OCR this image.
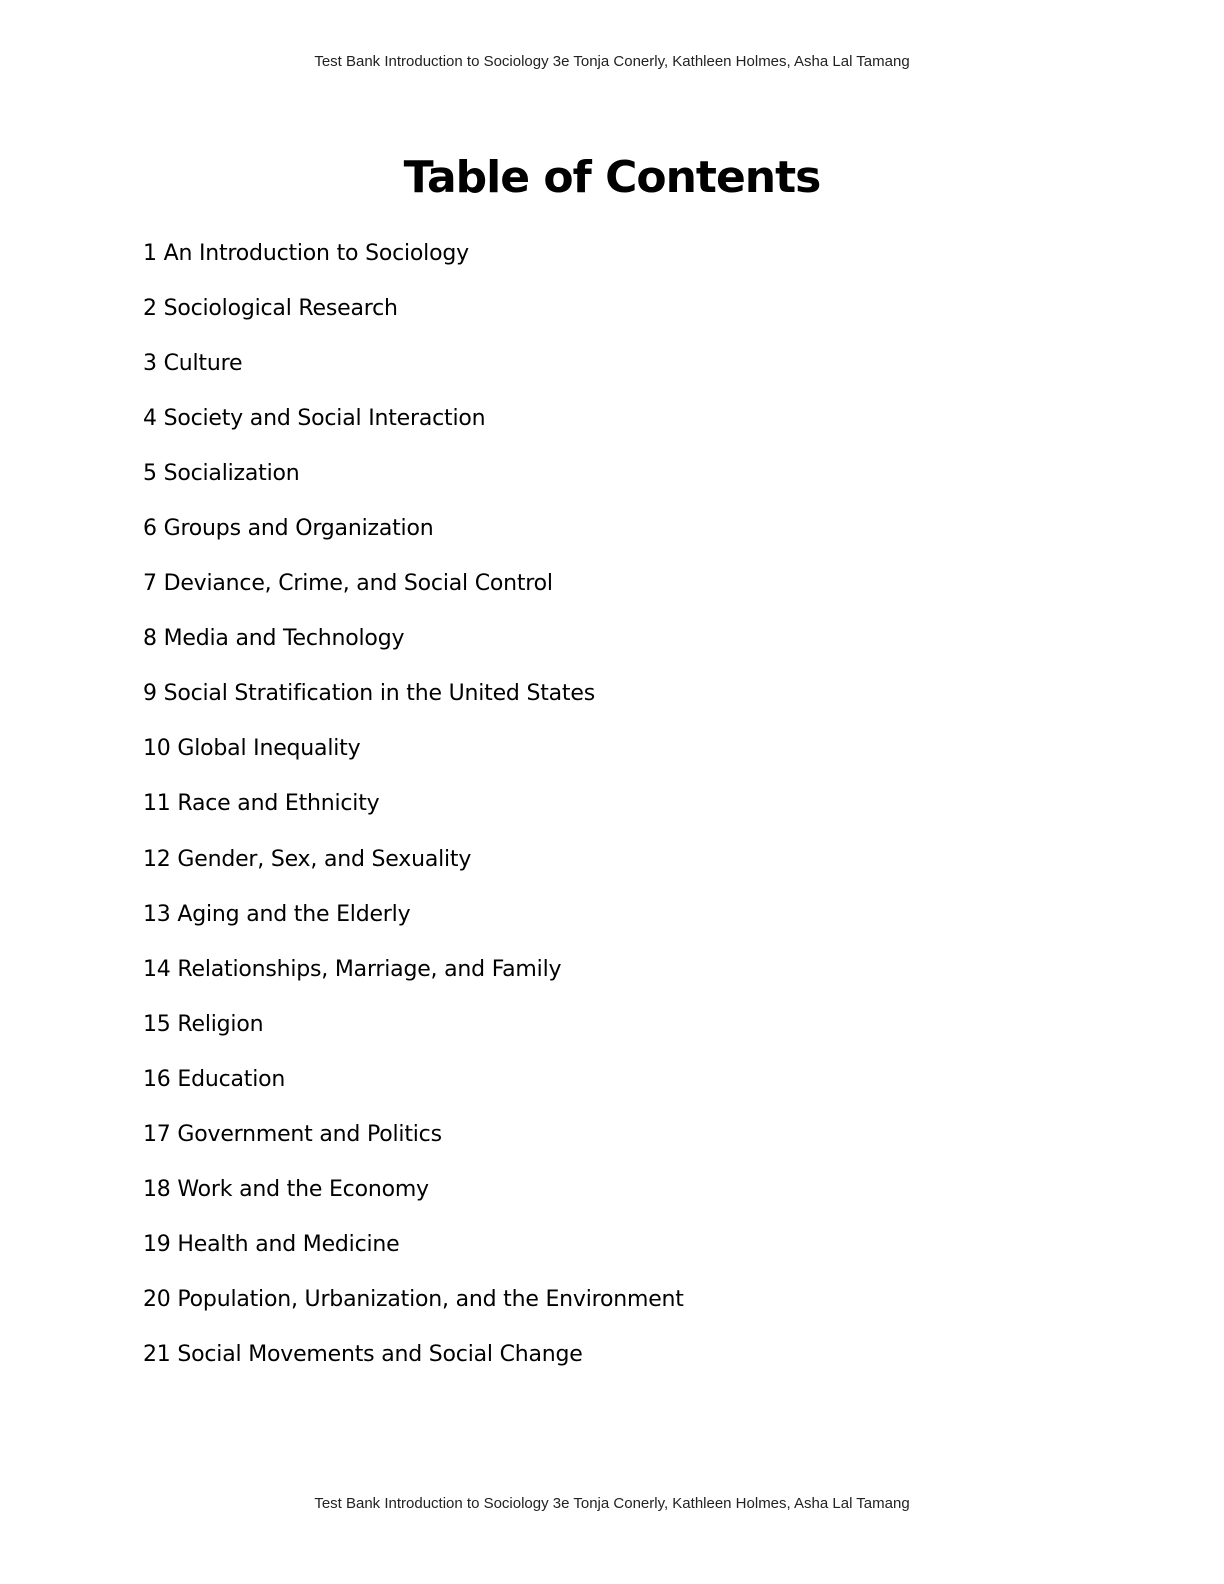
Test Bank Introduction to Sociology 3e Tonja Conerly, Kathleen Holmes, Asha Lal Tamang
Table of Contents
1 An Introduction to Sociology
2 Sociological Research
3 Culture
4 Society and Social Interaction
5 Socialization
6 Groups and Organization
7 Deviance, Crime, and Social Control
8 Media and Technology
9 Social Stratification in the United States
10 Global Inequality
11 Race and Ethnicity
12 Gender, Sex, and Sexuality
13 Aging and the Elderly
14 Relationships, Marriage, and Family
15 Religion
16 Education
17 Government and Politics
18 Work and the Economy
19 Health and Medicine
20 Population, Urbanization, and the Environment
21 Social Movements and Social Change
Test Bank Introduction to Sociology 3e Tonja Conerly, Kathleen Holmes, Asha Lal Tamang
